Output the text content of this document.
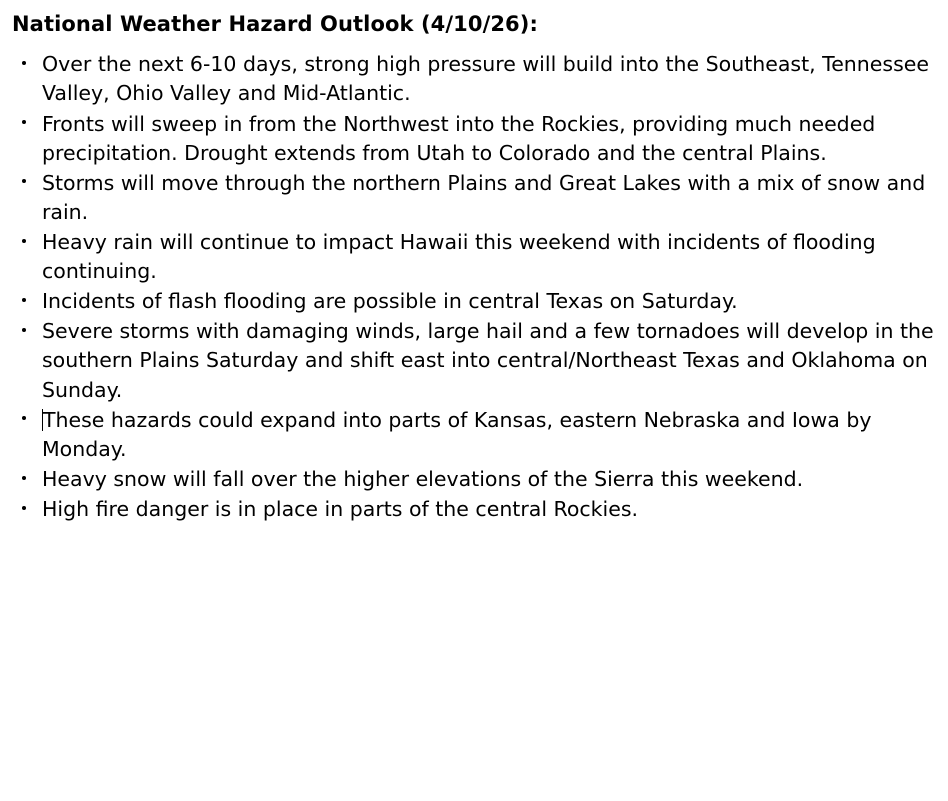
National Weather Hazard Outlook (4/10/26):
Over the next 6-10 days, strong high pressure will build into the Southeast, Tennessee Valley, Ohio Valley and Mid-Atlantic.
Fronts will sweep in from the Northwest into the Rockies, providing much needed precipitation. Drought extends from Utah to Colorado and the central Plains.
Storms will move through the northern Plains and Great Lakes with a mix of snow and rain.
Heavy rain will continue to impact Hawaii this weekend with incidents of flooding continuing.
Incidents of flash flooding are possible in central Texas on Saturday.
Severe storms with damaging winds, large hail and a few tornadoes will develop in the southern Plains Saturday and shift east into central/Northeast Texas and Oklahoma on Sunday.
These hazards could expand into parts of Kansas, eastern Nebraska and Iowa by Monday.
Heavy snow will fall over the higher elevations of the Sierra this weekend.
High fire danger is in place in parts of the central Rockies.
